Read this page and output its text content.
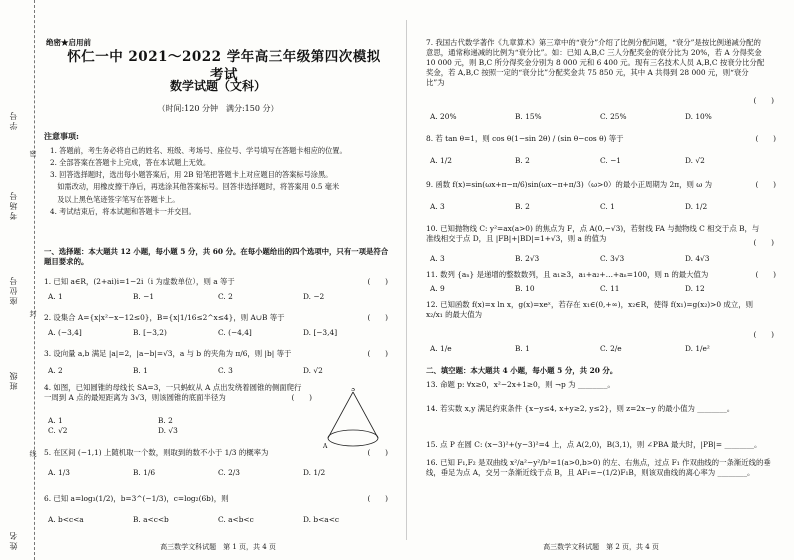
学号
考场号
座位号
班级
姓名
密
封
线
绝密★启用前
怀仁一中 2021～2022 学年高三年级第四次模拟考试
数学试题（文科）
（时间:120 分钟　满分:150 分）
注意事项:

1. 答题前，考生务必将自己的姓名、班级、考场号、座位号、学号填写在答题卡相应的位置。

2. 全部答案在答题卡上完成，答在本试题上无效。

3. 回答选择题时，选出每小题答案后，用 2B 铅笔把答题卡上对应题目的答案标号涂黑。

　如需改动，用橡皮擦干净后，再选涂其他答案标号。回答非选择题时，将答案用 0.5 毫米

　及以上黑色笔迹签字笔写在答题卡上。

4. 考试结束后，将本试题和答题卡一并交回。

一、选择题：本大题共 12 小题，每小题 5 分，共 60 分。在每小题给出的四个选项中，只有一项是符合题目要求的。
1. 已知 a∈R，(2+ai)i=1−2i（i 为虚数单位），则 a 等于	(　　)
A. 1	B. −1	C. 2	D. −2
2. 设集合 A={x|x²−x−12≤0}，B={x|1/16≤2^x≤4}，则 A∪B 等于	(　　)
A. (−3,4]	B. [−3,2)	C. (−4,4]	D. [−3,4]
3. 设向量 a,b 满足 |a|=2，|a−b|=√3，a 与 b 的夹角为 π/6，则 |b| 等于	(　　)
A. 2	B. 1	C. 3	D. √2
4. 如图，已知圆锥的母线长 SA=3，一只蚂蚁从 A 点出发绕着圆锥的侧面爬行一周到 A 点的最短距离为 3√3，则该圆锥的底面半径为	(　　)
A. 1	B. 2
C. √2	D. √3
S
A
5. 在区间 (−1,1) 上随机取一个数，则取到的数不小于 1/3 的概率为	(　　)
A. 1/3	B. 1/6	C. 2/3	D. 1/2
6. 已知 a=log₃(1/2)，b=3^(−1/3)，c=log₂(6b)，则	(　　)
A. b<c<a	B. a<c<b	C. a<b<c	D. b<a<c
高三数学文科试题　第 1 页，共 4 页
7. 我国古代数学著作《九章算术》第三章中的“衰分”介绍了比例分配问题，“衰分”是按比例递减分配的意思，通常称递减的比例为“衰分比”。如：已知 A,B,C 三人分配奖金的衰分比为 20%，若 A 分得奖金 10 000 元，则 B,C 所分得奖金分别为 8 000 元和 6 400 元。现有三名技术人员 A,B,C 按衰分比分配奖金，若 A,B,C 按照一定的“衰分比”分配奖金共 75 850 元，其中 A 共得到 28 000 元，则“衰分比”为
(　　)
A. 20%	B. 15%	C. 25%	D. 10%
8. 若 tan θ=1，则 cos θ(1−sin 2θ) / (sin θ−cos θ) 等于	(　　)
A. 1/2	B. 2	C. −1	D. √2
9. 函数 f(x)=sin(ωx+π−π/6)sin(ωx−π+π/3)（ω>0）的最小正周期为 2π，则 ω 为	(　　)
A. 3	B. 2	C. 1	D. 1/2
10. 已知抛物线 C: y²=ax(a>0) 的焦点为 F，点 A(0,−√3)，若射线 FA 与抛物线 C 相交于点 B，与准线相交于点 D，且 |FB|+|BD|=1+√3，则 a 的值为	(　　)
A. 3	B. 2√3	C. 3√3	D. 4√3
11. 数列 {aₙ} 是递增的整数数列，且 a₁≥3，a₁+a₂+…+aₙ=100，则 n 的最大值为	(　　)
A. 9	B. 10	C. 11	D. 12
12. 已知函数 f(x)=x ln x，g(x)=xeˣ，若存在 x₁∈(0,+∞)，x₂∈R，使得 f(x₁)=g(x₂)>0 成立，则 x₂/x₁ 的最大值为
(　　)
A. 1/e	B. 1	C. 2/e	D. 1/e²
二、填空题：本大题共 4 小题，每小题 5 分，共 20 分。
13. 命题 p: ∀x≥0，x²−2x+1≥0，则 ¬p 为 ________。
14. 若实数 x,y 满足约束条件 {x−y≤4, x+y≥2, y≤2}，则 z=2x−y 的最小值为 ________。
15. 点 P 在圆 C: (x−3)²+(y−3)²=4 上，点 A(2,0)，B(3,1)，则 ∠PBA 最大时，|PB|= ________。
16. 已知 F₁,F₂ 是双曲线 x²/a²−y²/b²=1(a>0,b>0) 的左、右焦点，过点 F₁ 作双曲线的一条渐近线的垂线，垂足为点 A，交另一条渐近线于点 B，且 AF₁=−(1/2)F₁B，则该双曲线的离心率为 ________。
高三数学文科试题　第 2 页，共 4 页
